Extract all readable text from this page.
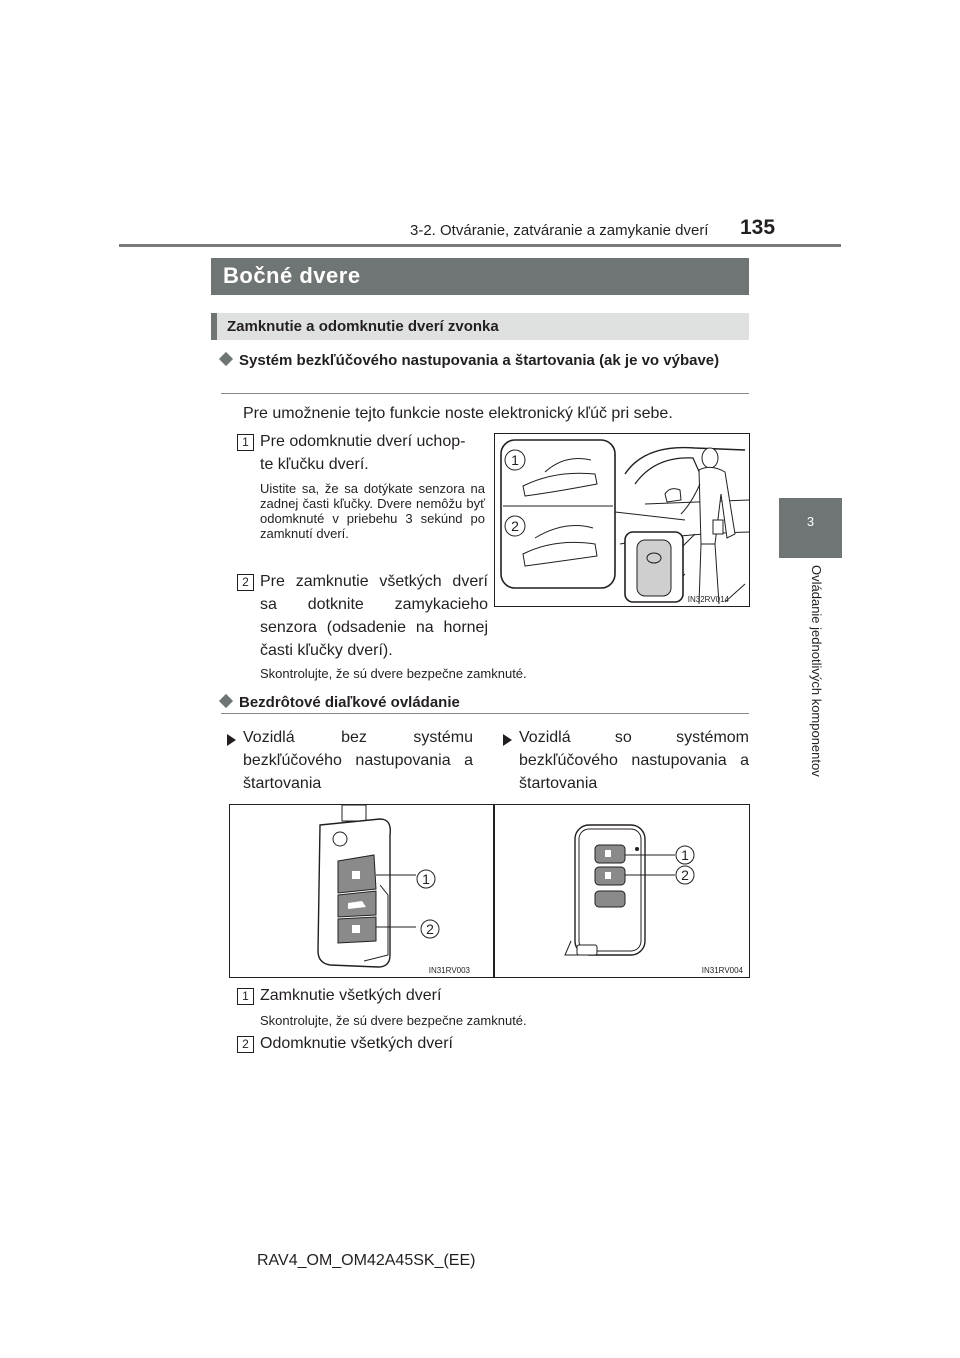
3-2. Otváranie, zatváranie a zamykanie dverí 135
3
Ovládanie jednotlivých komponentov
Bočné dvere
Zamknutie a odomknutie dverí zvonka
Systém bezkľúčového nastupovania a štartovania (ak je vo výbave)
Pre umožnenie tejto funkcie noste elektronický kľúč pri sebe.
1 Pre odomknutie dverí uchop-
te kľučku dverí.
Uistite sa, že sa dotýkate senzora na zadnej časti kľučky. Dvere nemôžu byť odomknuté v priebehu 3 sekúnd po zamknutí dverí.
2 Pre zamknutie všetkých dverí sa dotknite zamykacieho senzora (odsadenie na hornej časti kľučky dverí).
Skontrolujte, že sú dvere bezpečne zamknuté.
1
2
IN32RV014
Bezdrôtové diaľkové ovládanie
Vozidlá bez systému bezkľúčového nastupovania a štartovania
Vozidlá so systémom bezkľúčového nastupovania a štartovania
1
2
IN31RV003
1
2
IN31RV004
1 Zamknutie všetkých dverí
Skontrolujte, že sú dvere bezpečne zamknuté.
2 Odomknutie všetkých dverí
RAV4_OM_OM42A45SK_(EE)
